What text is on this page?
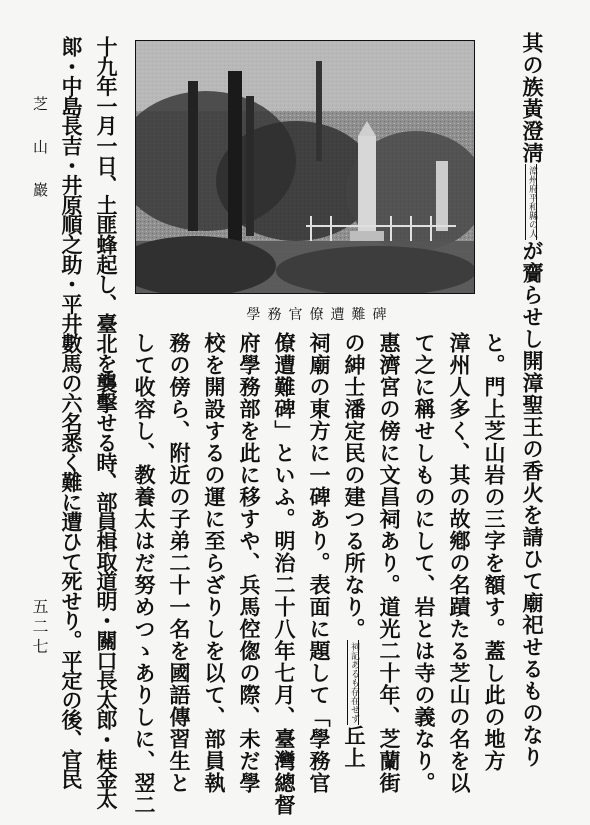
學務官僚遭難碑
其の族黃澄淸漳州府平和縣の人が齎らせし開漳聖王の香火を請ひて廟祀せるものなり
と。門上芝山岩の三字を額す。蓋し此の地方
漳州人多く、其の故鄕の名蹟たる芝山の名を以
て之に稱せしものにして、岩とは寺の義なり。
惠濟宮の傍に文昌祠あり。道光二十年、芝蘭街
の紳士潘定民の建つる所なり。祠記あるも存在せず丘上
祠廟の東方に一碑あり。表面に題して「學務官
僚遭難碑」といふ。明治二十八年七月、臺灣總督
府學務部を此に移すや、兵馬倥偬の際、未だ學
校を開設するの運に至らざりしを以て、部員執
務の傍ら、附近の子弟二十一名を國語傳習生と
して收容し、教養太はだ努めつゝありしに、翌二
十九年一月一日、土匪蜂起し、臺北を襲擊せる時、部員楫取道明・關口長太郎・桂金太
郞・中島長吉・井原順之助・平井數馬の六名悉く難に遭ひて死せり。平定の後、官民
芝山巖
五二七
